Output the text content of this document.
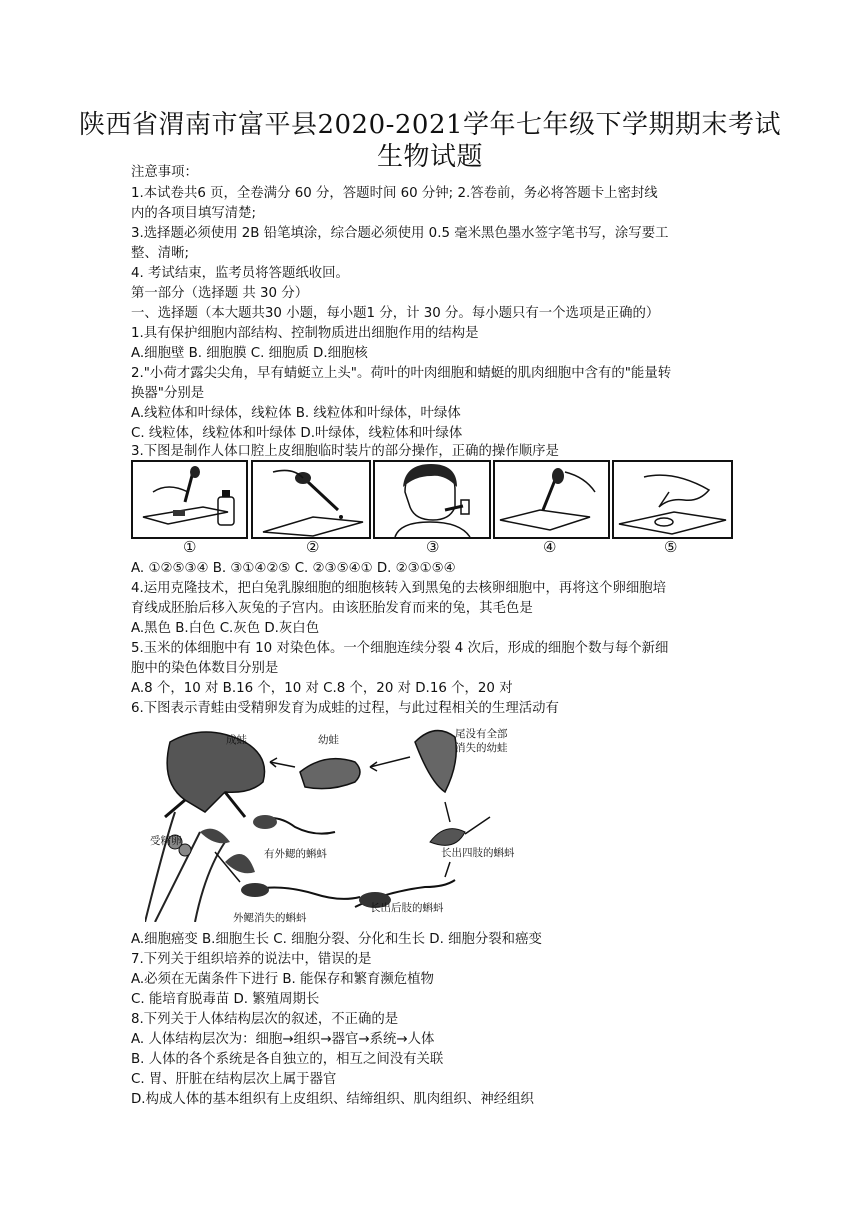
陕西省渭南市富平县2020-2021学年七年级下学期期末考试
生物试题
注意事项：
1.本试卷共6 页，全卷满分 60 分，答题时间 60 分钟; 2.答卷前，务必将答题卡上密封线
内的各项目填写清楚;
3.选择题必须使用 2B 铅笔填涂，综合题必须使用 0.5 毫米黑色墨水签字笔书写，涂写要工
整、清晰;
4. 考试结束，监考员将答题纸收回。
第一部分（选择题 共 30 分）
一、选择题（本大题共30 小题，每小题1 分，计 30 分。每小题只有一个选项是正确的）
1.具有保护细胞内部结构、控制物质进出细胞作用的结构是
A.细胞壁 B. 细胞膜 C. 细胞质 D.细胞核
2."小荷才露尖尖角，早有蜻蜓立上头"。荷叶的叶肉细胞和蜻蜓的肌肉细胞中含有的"能量转
换器"分别是
A.线粒体和叶绿体，线粒体 B. 线粒体和叶绿体，叶绿体
C. 线粒体，线粒体和叶绿体 D.叶绿体，线粒体和叶绿体
3.下图是制作人体口腔上皮细胞临时装片的部分操作，正确的操作顺序是
①	②	③	④	⑤
A. ①②⑤③④ B. ③①④②⑤ C. ②③⑤④① D. ②③①⑤④
4.运用克隆技术，把白兔乳腺细胞的细胞核转入到黑兔的去核卵细胞中，再将这个卵细胞培
育线成胚胎后移入灰兔的子宫内。由该胚胎发育而来的兔，其毛色是
A.黑色 B.白色 C.灰色 D.灰白色
5.玉米的体细胞中有 10 对染色体。一个细胞连续分裂 4 次后，形成的细胞个数与每个新细
胞中的染色体数目分别是
A.8 个，10 对 B.16 个，10 对 C.8 个，20 对 D.16 个，20 对
6.下图表示青蛙由受精卵发育为成蛙的过程，与此过程相关的生理活动有
成蛙	幼蛙	尾没有全部
消失的幼蛙
受精卵
有外鳃的蝌蚪	长出四肢的蝌蚪
外鳃消失的蝌蚪
长出后肢的蝌蚪
A.细胞癌变 B.细胞生长 C. 细胞分裂、分化和生长 D. 细胞分裂和癌变
7.下列关于组织培养的说法中，错误的是
A.必须在无菌条件下进行 B. 能保存和繁育濒危植物
C. 能培育脱毒苗 D. 繁殖周期长
8.下列关于人体结构层次的叙述，不正确的是
A. 人体结构层次为：细胞→组织→器官→系统→人体
B. 人体的各个系统是各自独立的，相互之间没有关联
C. 胃、肝脏在结构层次上属于器官
D.构成人体的基本组织有上皮组织、结缔组织、肌肉组织、神经组织
